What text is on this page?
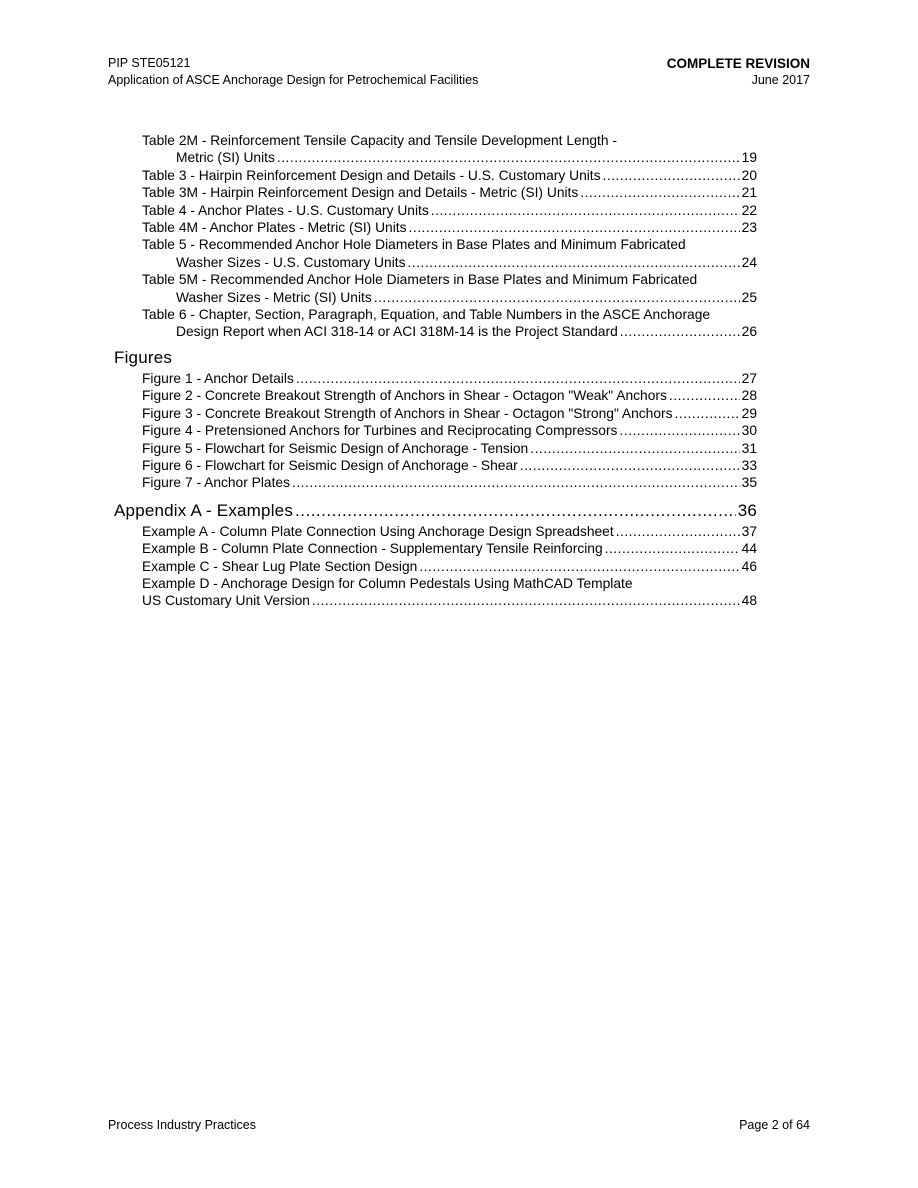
PIP STE05121
Application of ASCE Anchorage Design for Petrochemical Facilities
COMPLETE REVISION
June 2017
Table 2M - Reinforcement Tensile Capacity and Tensile Development Length -
Metric (SI) Units .....	19
Table 3 - Hairpin Reinforcement Design and Details - U.S. Customary Units .....	20
Table 3M - Hairpin Reinforcement Design and Details - Metric (SI) Units .....	21
Table 4 - Anchor Plates - U.S. Customary Units .....	22
Table 4M - Anchor Plates - Metric (SI) Units .....	23
Table 5 - Recommended Anchor Hole Diameters in Base Plates and Minimum Fabricated
Washer Sizes - U.S. Customary Units .....	24
Table 5M - Recommended Anchor Hole Diameters in Base Plates and Minimum Fabricated
Washer Sizes - Metric (SI) Units .....	25
Table 6 - Chapter, Section, Paragraph, Equation, and Table Numbers in the ASCE Anchorage
Design Report when ACI 318-14 or ACI 318M-14 is the Project Standard .....	26
Figures
Figure 1 - Anchor Details .....	27
Figure 2 - Concrete Breakout Strength of Anchors in Shear - Octagon "Weak" Anchors .....	28
Figure 3 - Concrete Breakout Strength of Anchors in Shear - Octagon "Strong" Anchors .....	29
Figure 4 - Pretensioned Anchors for Turbines and Reciprocating Compressors .....	30
Figure 5 - Flowchart for Seismic Design of Anchorage - Tension .....	31
Figure 6 - Flowchart for Seismic Design of Anchorage - Shear .....	33
Figure 7 - Anchor Plates .....	35
Appendix A - Examples .....	36
Example A - Column Plate Connection Using Anchorage Design Spreadsheet .....	37
Example B - Column Plate Connection - Supplementary Tensile Reinforcing .....	44
Example C - Shear Lug Plate Section Design .....	46
Example D - Anchorage Design for Column Pedestals Using MathCAD Template
US Customary Unit Version .....	48
Process Industry Practices	Page 2 of 64
